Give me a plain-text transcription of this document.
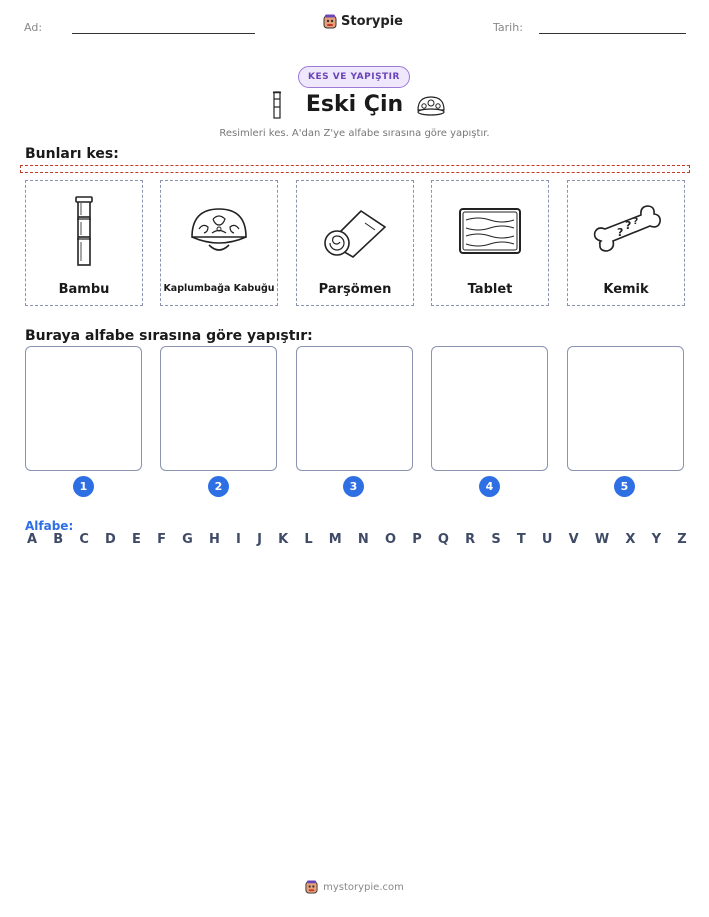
Ad:	Storypie	Tarih:
KES VE YAPIŞTIR
Eski Çin
Resimleri kes. A'dan Z'ye alfabe sırasına göre yapıştır.
Bunları kes:
Bambu	Kaplumbağa Kabuğu	Parşömen	Tablet
?
? ?
Kemik
Buraya alfabe sırasına göre yapıştır:
1	2	3	4	5
Alfabe:
A B C D E F G H I J K L M N O P Q R S T U V W X Y Z
mystorypie.com
